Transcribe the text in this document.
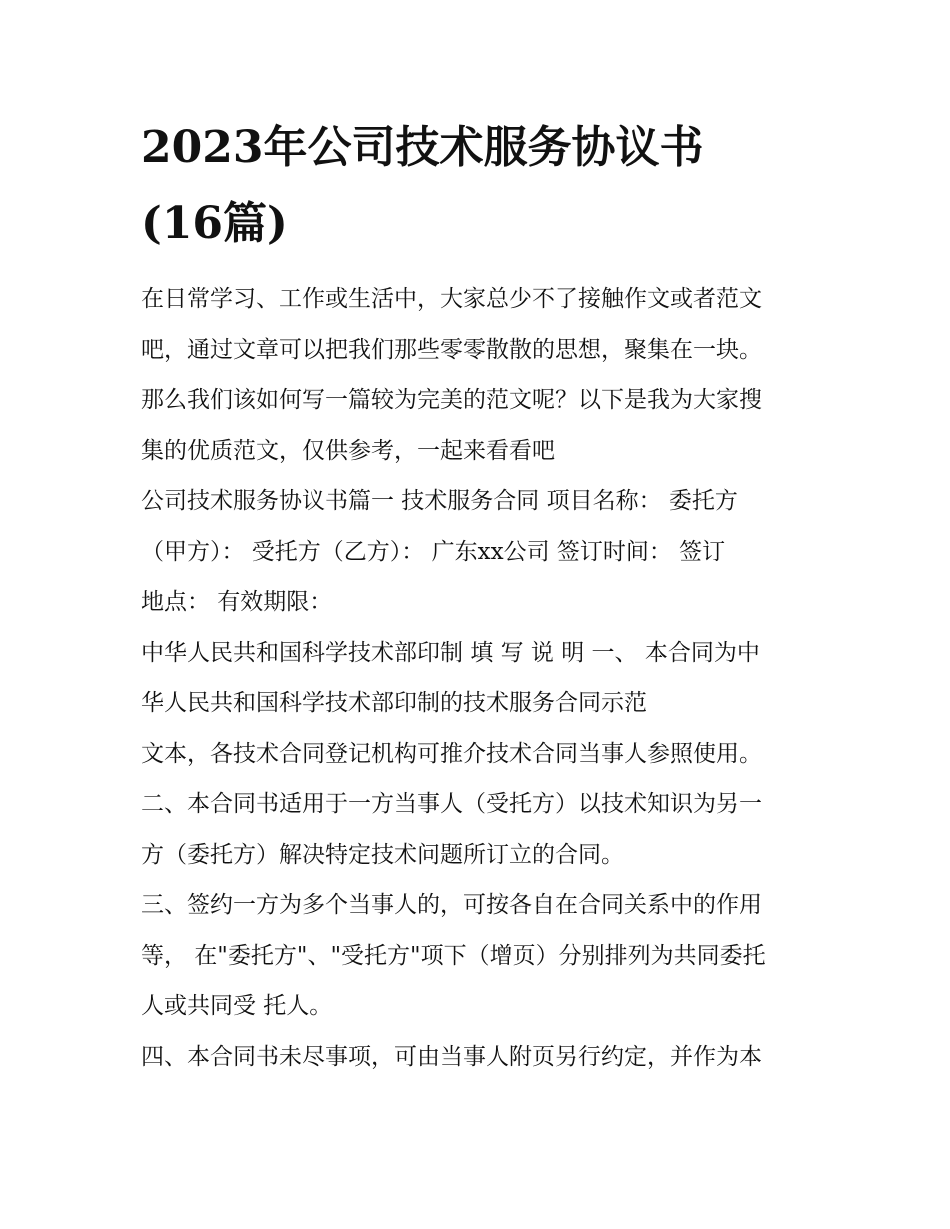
2023年公司技术服务协议书
(16篇)

在日常学习、工作或生活中，大家总少不了接触作文或者范文
吧，通过文章可以把我们那些零零散散的思想，聚集在一块。
那么我们该如何写一篇较为完美的范文呢？以下是我为大家搜
集的优质范文，仅供参考，一起来看看吧

公司技术服务协议书篇一 技术服务合同 项目名称： 委托方
（甲方）： 受托方（乙方）： 广东xx公司 签订时间： 签订
地点： 有效期限：

中华人民共和国科学技术部印制 填 写 说 明 一、 本合同为中
华人民共和国科学技术部印制的技术服务合同示范

文本，各技术合同登记机构可推介技术合同当事人参照使用。

二、本合同书适用于一方当事人（受托方）以技术知识为另一
方（委托方）解决特定技术问题所订立的合同。

三、签约一方为多个当事人的，可按各自在合同关系中的作用
等， 在"委托方"、"受托方"项下（增页）分别排列为共同委托
人或共同受 托人。

四、本合同书未尽事项，可由当事人附页另行约定，并作为本
